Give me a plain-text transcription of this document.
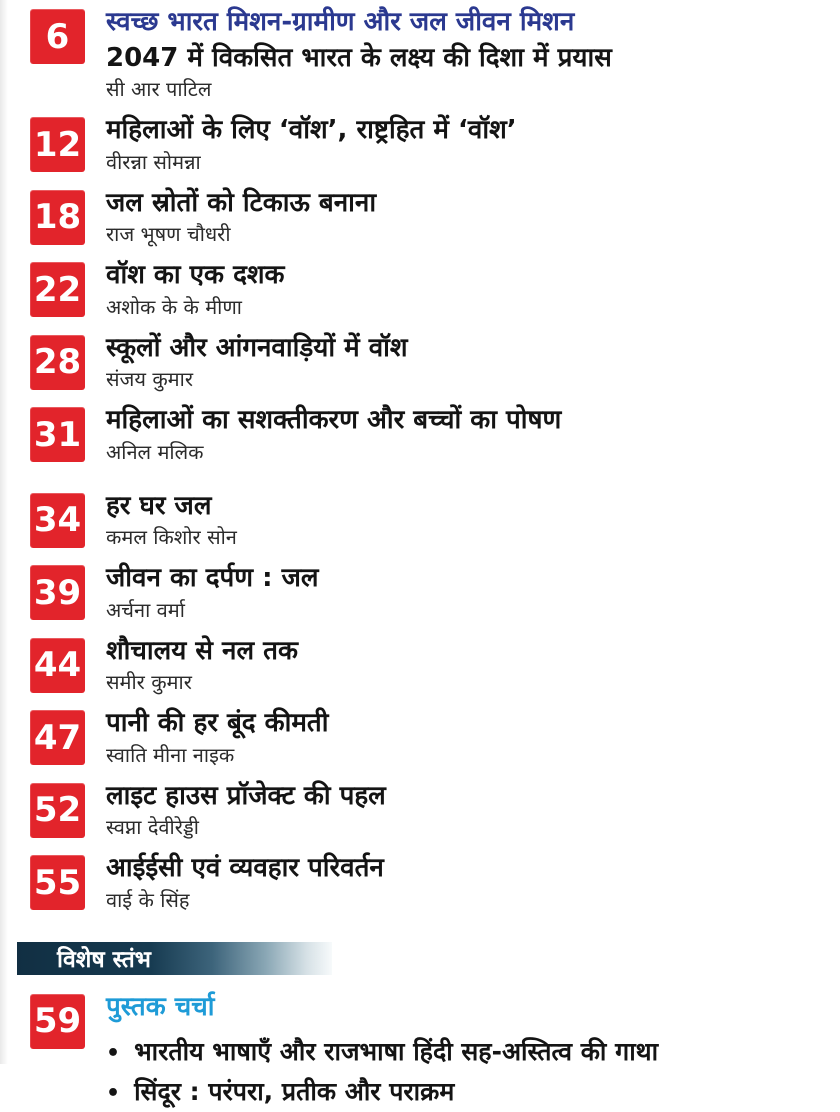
6	स्वच्छ भारत मिशन-ग्रामीण और जल जीवन मिशन
2047 में विकसित भारत के लक्ष्य की दिशा में प्रयास
सी आर पाटिल
12 महिलाओं के लिए ‘वॉश’, राष्ट्रहित में ‘वॉश’
वीरन्ना सोमन्ना
18 जल स्रोतों को टिकाऊ बनाना
राज भूषण चौधरी
22 वॉश का एक दशक
अशोक के के मीणा
28 स्कूलों और आंगनवाड़ियों में वॉश
संजय कुमार
31 महिलाओं का सशक्तीकरण और बच्चों का पोषण
अनिल मलिक
34 हर घर जल
कमल किशोर सोन
39 जीवन का दर्पण : जल
अर्चना वर्मा
44 शौचालय से नल तक
समीर कुमार
47 पानी की हर बूंद कीमती
स्वाति मीना नाइक
52 लाइट हाउस प्रॉजेक्ट की पहल
स्वप्ना देवीरेड्डी
55 आईईसी एवं व्यवहार परिवर्तन
वाई के सिंह
विशेष स्तंभ
59 पुस्तक चर्चा
• भारतीय भाषाएँ और राजभाषा हिंदी सह-अस्तित्व की गाथा
• सिंदूर : परंपरा, प्रतीक और पराक्रम
